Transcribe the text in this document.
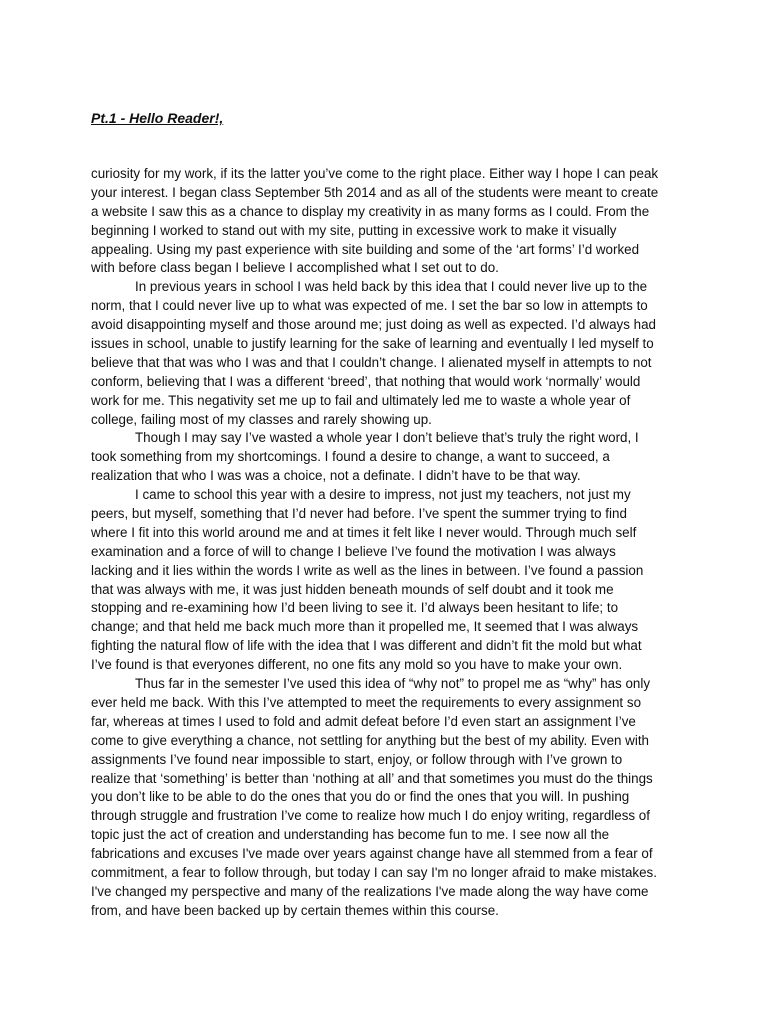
Pt.1 - Hello Reader!,
curiosity for my work, if its the latter you’ve come to the right place. Either way I hope I can peak
your interest. I began class September 5th 2014 and as all of the students were meant to create
a website I saw this as a chance to display my creativity in as many forms as I could. From the
beginning I worked to stand out with my site, putting in excessive work to make it visually
appealing. Using my past experience with site building and some of the ‘art forms’ I’d worked
with before class began I believe I accomplished what I set out to do.
In previous years in school I was held back by this idea that I could never live up to the
norm, that I could never live up to what was expected of me. I set the bar so low in attempts to
avoid disappointing myself and those around me; just doing as well as expected. I’d always had
issues in school, unable to justify learning for the sake of learning and eventually I led myself to
believe that that was who I was and that I couldn’t change. I alienated myself in attempts to not
conform, believing that I was a different ‘breed’, that nothing that would work ‘normally’ would
work for me. This negativity set me up to fail and ultimately led me to waste a whole year of
college, failing most of my classes and rarely showing up.
Though I may say I’ve wasted a whole year I don’t believe that’s truly the right word, I
took something from my shortcomings. I found a desire to change, a want to succeed, a
realization that who I was was a choice, not a definate. I didn’t have to be that way.
I came to school this year with a desire to impress, not just my teachers, not just my
peers, but myself, something that I’d never had before. I’ve spent the summer trying to find
where I fit into this world around me and at times it felt like I never would. Through much self
examination and a force of will to change I believe I’ve found the motivation I was always
lacking and it lies within the words I write as well as the lines in between. I’ve found a passion
that was always with me, it was just hidden beneath mounds of self doubt and it took me
stopping and re-examining how I’d been living to see it. I’d always been hesitant to life; to
change; and that held me back much more than it propelled me, It seemed that I was always
fighting the natural flow of life with the idea that I was different and didn’t fit the mold but what
I’ve found is that everyones different, no one fits any mold so you have to make your own.
Thus far in the semester I’ve used this idea of “why not” to propel me as “why” has only
ever held me back. With this I’ve attempted to meet the requirements to every assignment so
far, whereas at times I used to fold and admit defeat before I’d even start an assignment I’ve
come to give everything a chance, not settling for anything but the best of my ability. Even with
assignments I’ve found near impossible to start, enjoy, or follow through with I’ve grown to
realize that ‘something’ is better than ‘nothing at all’ and that sometimes you must do the things
you don’t like to be able to do the ones that you do or find the ones that you will. In pushing
through struggle and frustration I’ve come to realize how much I do enjoy writing, regardless of
topic just the act of creation and understanding has become fun to me. I see now all the
fabrications and excuses I've made over years against change have all stemmed from a fear of
commitment, a fear to follow through, but today I can say I'm no longer afraid to make mistakes.
I've changed my perspective and many of the realizations I've made along the way have come
from, and have been backed up by certain themes within this course.
